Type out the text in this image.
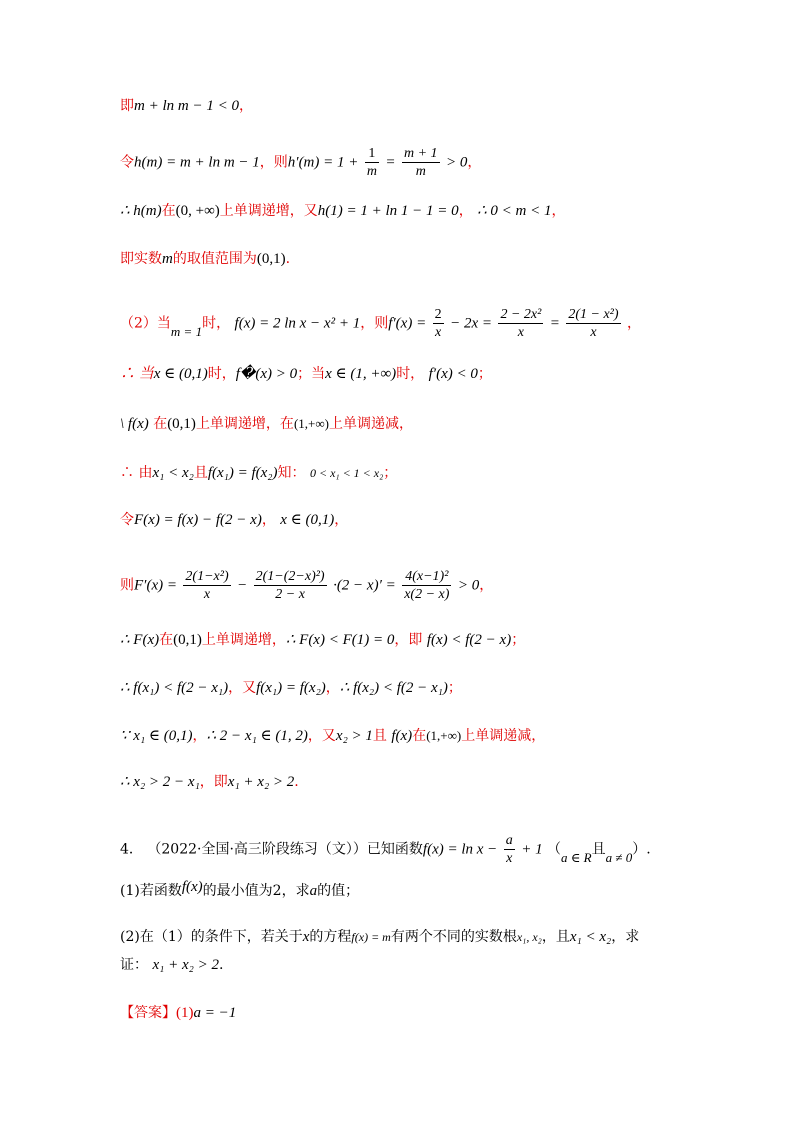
即m + ln m − 1 < 0，
令h(m) = m + ln m − 1，则$h'(m) = 1 + \frac{1}{m} = \frac{m + 1}{m} > 0$，
∴ h(m)在(0, +∞)上单调递增，又h(1) = 1 + ln 1 − 1 = 0， ∴ 0 < m < 1，
即实数m的取值范围为(0,1).
（2）当m = 1时， f(x) = 2 ln x − x² + 1，则$f'(x) = \frac{2}{x} - 2x = \frac{\text{2 − 2x²}}{x} = \frac{\text{2(1 − x²)}}{x}$ ，
∴ 当x ∈ (0,1)时，f�(x) > 0；当x ∈ (1, +∞)时， f′(x) < 0；
\ f(x) 在(0,1)上单调递增，在(1,+∞)上单调递减，
∴ 由x₁ < x₂且f(x₁) = f(x₂)知： 0 < x₁ < 1 < x₂；
令F(x) = f(x) − f(2 − x)， x ∈ (0,1)，
则$F'(x) = \frac{\text{2(1−x²)}}{x} - \frac{\text{2(1−(2−x)²)}}{2 - x} \cdot(2 - x)' = \frac{\text{4(x−1)²}}{x(2 - x)} > 0$，
∴ F(x)在(0,1)上单调递增，∴ F(x) < F(1) = 0，即 f(x) < f(2 − x)；
∴ f(x₁) < f(2 − x₁)，又f(x₁) = f(x₂)，∴ f(x₂) < f(2 − x₁)；
∵ x₁ ∈ (0,1)，∴ 2 − x₁ ∈ (1, 2)，又x₂ > 1且 f(x)在(1,+∞)上单调递减，
∴ x₂ > 2 − x₁，即x₁ + x₂ > 2.
4． （2022·全国·高三阶段练习（文））已知函数$f(x) = \ln x - \frac{a}{x} + 1$ （a ∈ R且a ≠ 0）.
(1)若函数f(x)的最小值为2，求a的值；
(2)在（1）的条件下，若关于x的方程f(x) = m有两个不同的实数根x₁, x₂，且x₁ < x₂，求
证： x₁ + x₂ > 2.
【答案】(1)a = −1
